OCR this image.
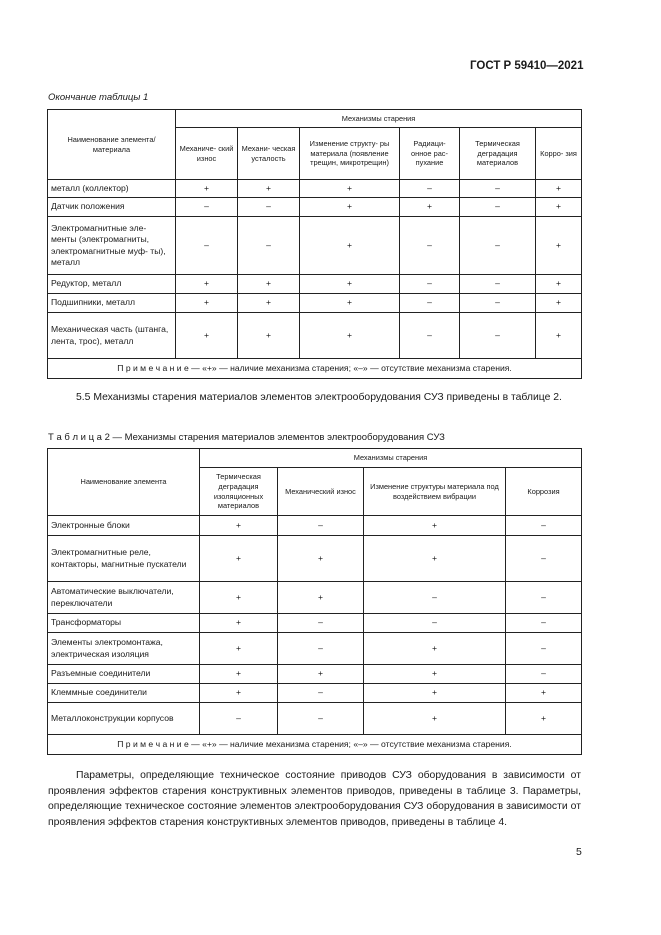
ГОСТ Р 59410—2021
Окончание таблицы 1
Наименование элемента/ материала	Механизмы старения					
	Механиче- ский износ	Механи- ческая усталость	Изменение структу- ры материала (появление трещин, микротрещин)	Радиаци- онное рас- пухание	Термическая деградация материалов	Корро- зия
металл (коллектор)	+	+	+	–	–	+
Датчик положения	–	–	+	+	–	+
Электромагнитные эле- менты (электромагниты, электромагнитные муф- ты), металл	–	–	+	–	–	+
Редуктор, металл	+	+	+	–	–	+
Подшипники, металл	+	+	+	–	–	+
Механическая часть (штанга, лента, трос), металл	+	+	+	–	–	+
П р и м е ч а н и е — «+» — наличие механизма старения; «–» — отсутствие механизма старения.						

5.5 Механизмы старения материалов элементов электрооборудования СУЗ приведены в таблице 2.

Т а б л и ц а 2 — Механизмы старения материалов элементов электрооборудования СУЗ
Наименование элемента	Механизмы старения			
	Термическая деградация изоляционных материалов	Механический износ	Изменение структуры материала под воздействием вибрации	Коррозия
Электронные блоки	+	–	+	–
Электромагнитные реле, контакторы, магнитные пускатели	+	+	+	–
Автоматические выключатели, переключатели	+	+	–	–
Трансформаторы	+	–	–	–
Элементы электромонтажа, электрическая изоляция	+	–	+	–
Разъемные соединители	+	+	+	–
Клеммные соединители	+	–	+	+
Металлоконструкции корпусов	–	–	+	+
П р и м е ч а н и е — «+» — наличие механизма старения; «–» — отсутствие механизма старения.				

Параметры, определяющие техническое состояние приводов СУЗ оборудования в зависимости от проявления эффектов старения конструктивных элементов приводов, приведены в таблице 3. Параметры, определяющие техническое состояние элементов электрооборудования СУЗ оборудования в зависимости от проявления эффектов старения конструктивных элементов приводов, приведены в таблице 4.

5
